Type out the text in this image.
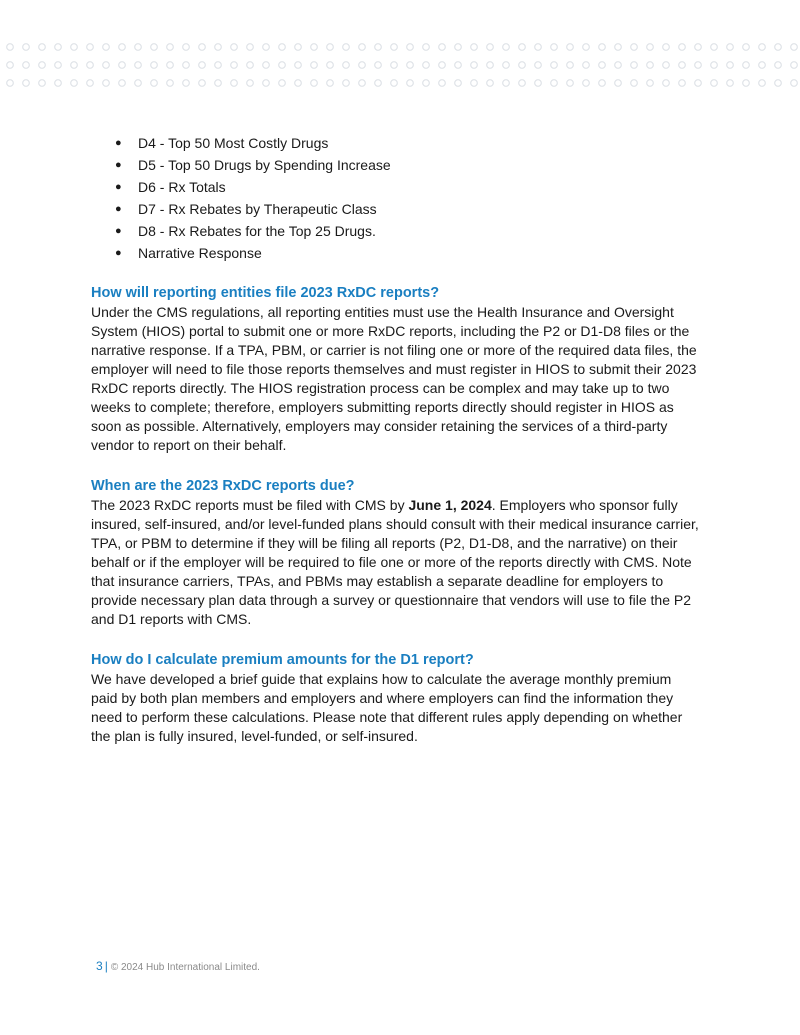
● D4 - Top 50 Most Costly Drugs
● D5 - Top 50 Drugs by Spending Increase
● D6 - Rx Totals
● D7 - Rx Rebates by Therapeutic Class
● D8 - Rx Rebates for the Top 25 Drugs.
● Narrative Response
How will reporting entities file 2023 RxDC reports?

Under the CMS regulations, all reporting entities must use the Health Insurance and Oversight System (HIOS) portal to submit one or more RxDC reports, including the P2 or D1-D8 files or the narrative response. If a TPA, PBM, or carrier is not filing one or more of the required data files, the employer will need to file those reports themselves and must register in HIOS to submit their 2023 RxDC reports directly. The HIOS registration process can be complex and may take up to two weeks to complete; therefore, employers submitting reports directly should register in HIOS as soon as possible. Alternatively, employers may consider retaining the services of a third-party vendor to report on their behalf.

When are the 2023 RxDC reports due?

The 2023 RxDC reports must be filed with CMS by June 1, 2024. Employers who sponsor fully insured, self-insured, and/or level-funded plans should consult with their medical insurance carrier, TPA, or PBM to determine if they will be filing all reports (P2, D1-D8, and the narrative) on their behalf or if the employer will be required to file one or more of the reports directly with CMS. Note that insurance carriers, TPAs, and PBMs may establish a separate deadline for employers to provide necessary plan data through a survey or questionnaire that vendors will use to file the P2 and D1 reports with CMS.

How do I calculate premium amounts for the D1 report?

We have developed a brief guide that explains how to calculate the average monthly premium paid by both plan members and employers and where employers can find the information they need to perform these calculations. Please note that different rules apply depending on whether the plan is fully insured, level-funded, or self-insured.

3 | © 2024 Hub International Limited.
